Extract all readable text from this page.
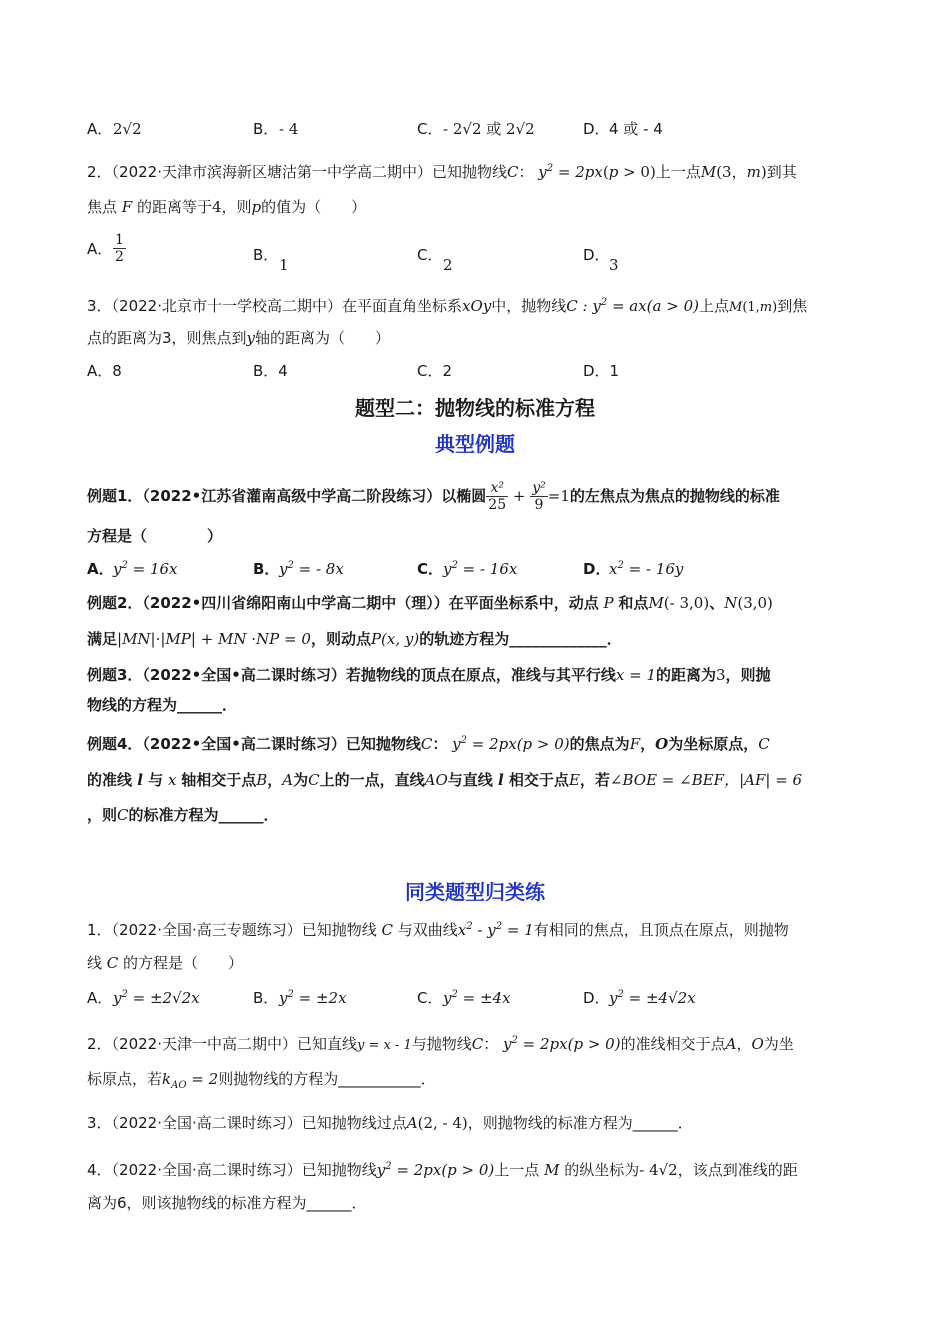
A．2√2	B．- 4	C．- 2√2 或 2√2	D．4 或 - 4
2．（2022·天津市滨海新区塘沽第一中学高二期中）已知抛物线C： $y^2 = 2px(p > 0)$上一点M(3，m)到其
焦点 F 的距离等于4，则p的值为（　　）
A． $\frac{1}{2}$	B．1
C．2
D．3
3．（2022·北京市十一学校高二期中）在平面直角坐标系xOy中，抛物线C : $y^2 = ax(a > 0)$上点M(1,m)到焦
点的距离为3，则焦点到y轴的距离为（　　）
A．8	B．4	C．2	D．1
题型二：抛物线的标准方程
典型例题
例题1．（2022•江苏省灌南高级中学高二阶段练习）以椭圆 $\frac{\text{x²}}{25} + \frac{\text{y²}}{9} =1$的左焦点为焦点的抛物线的标准
方程是（　　　　）
A．$y^2 = 16x$	B．$y^2$ = - 8x	C．$y^2$ = - 16x	D．$x^2$ = - 16y
例题2．（2022•四川省绵阳南山中学高二期中（理））在平面坐标系中，动点 P 和点M(- 3,0)、N(3,0)
满足|MN|·|MP| + MN ·NP = 0，则动点P(x, y)的轨迹方程为_____________．
例题3．（2022•全国•高二课时练习）若抛物线的顶点在原点，准线与其平行线x = 1的距离为3，则抛
物线的方程为______．
例题4．（2022•全国•高二课时练习）已知抛物线C： $y^2 = 2px(p > 0)$的焦点为F，O为坐标原点，C
的准线 l 与 x 轴相交于点B，A为C上的一点，直线AO与直线 l 相交于点E，若∠BOE = ∠BEF，|AF| = 6
，则C的标准方程为______．
同类题型归类练
1．（2022·全国·高三专题练习）已知抛物线 C 与双曲线$x^2 - y^2 = 1$有相同的焦点，且顶点在原点，则抛物
线 C 的方程是（　　）
A．$y^2 = \pm 2√2x$	B．$y^2 = \pm 2x$	C．$y^2 = \pm 4x$	D．$y^2 = \pm 4√2x$
2．（2022·天津一中高二期中）已知直线y = x - 1与抛物线C： $y^2 = 2px(p > 0)$的准线相交于点A，O为坐
标原点，若$k_{AO} = 2$则抛物线的方程为___________．
3．（2022·全国·高二课时练习）已知抛物线过点A(2, - 4)，则抛物线的标准方程为______．
4．（2022·全国·高二课时练习）已知抛物线$y^2 = 2px(p > 0)$上一点 M 的纵坐标为- 4√2，该点到准线的距
离为6，则该抛物线的标准方程为______．
